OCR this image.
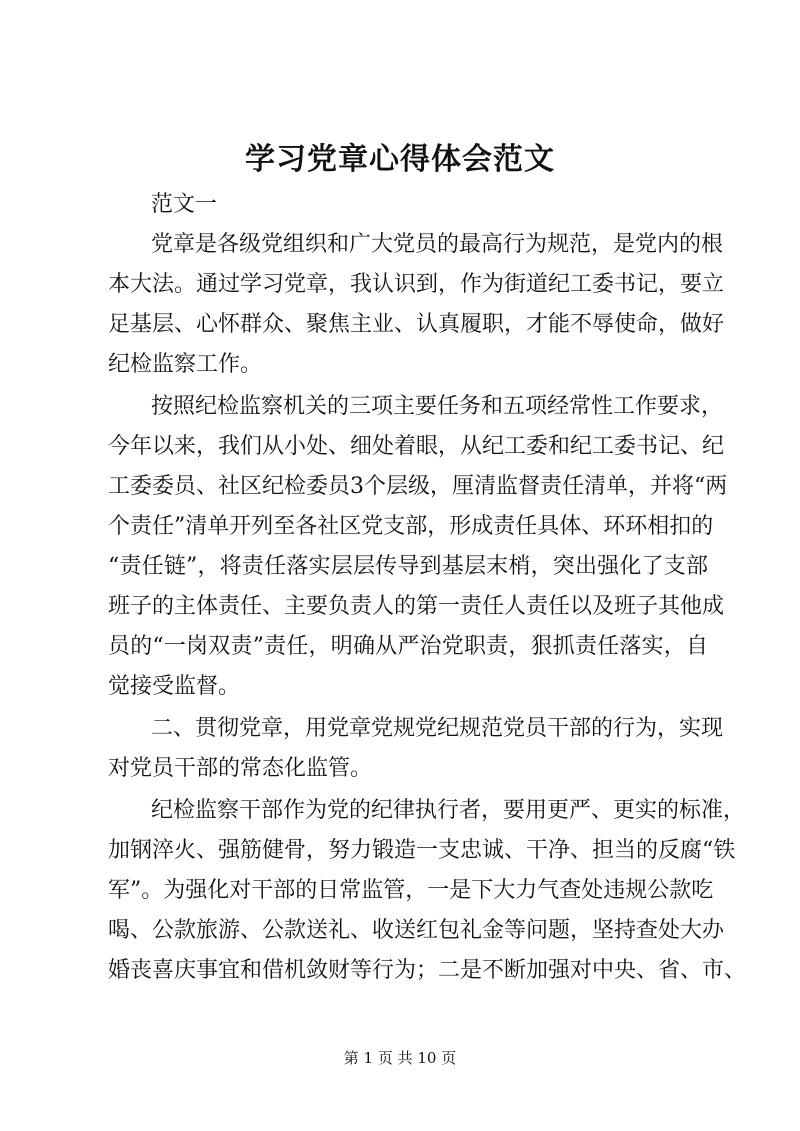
学习党章心得体会范文
范文一
党章是各级党组织和广大党员的最高行为规范，是党内的根
本大法。通过学习党章，我认识到，作为街道纪工委书记，要立
足基层、心怀群众、聚焦主业、认真履职，才能不辱使命，做好
纪检监察工作。
按照纪检监察机关的三项主要任务和五项经常性工作要求，
今年以来，我们从小处、细处着眼，从纪工委和纪工委书记、纪
工委委员、社区纪检委员3个层级，厘清监督责任清单，并将“两
个责任”清单开列至各社区党支部，形成责任具体、环环相扣的
“责任链”，将责任落实层层传导到基层末梢，突出强化了支部
班子的主体责任、主要负责人的第一责任人责任以及班子其他成
员的“一岗双责”责任，明确从严治党职责，狠抓责任落实，自
觉接受监督。
二、贯彻党章，用党章党规党纪规范党员干部的行为，实现
对党员干部的常态化监管。
纪检监察干部作为党的纪律执行者，要用更严、更实的标准，
加钢淬火、强筋健骨，努力锻造一支忠诚、干净、担当的反腐“铁
军”。为强化对干部的日常监管，一是下大力气查处违规公款吃
喝、公款旅游、公款送礼、收送红包礼金等问题，坚持查处大办
婚丧喜庆事宜和借机敛财等行为；二是不断加强对中央、省、市、
第 1 页 共 10 页
